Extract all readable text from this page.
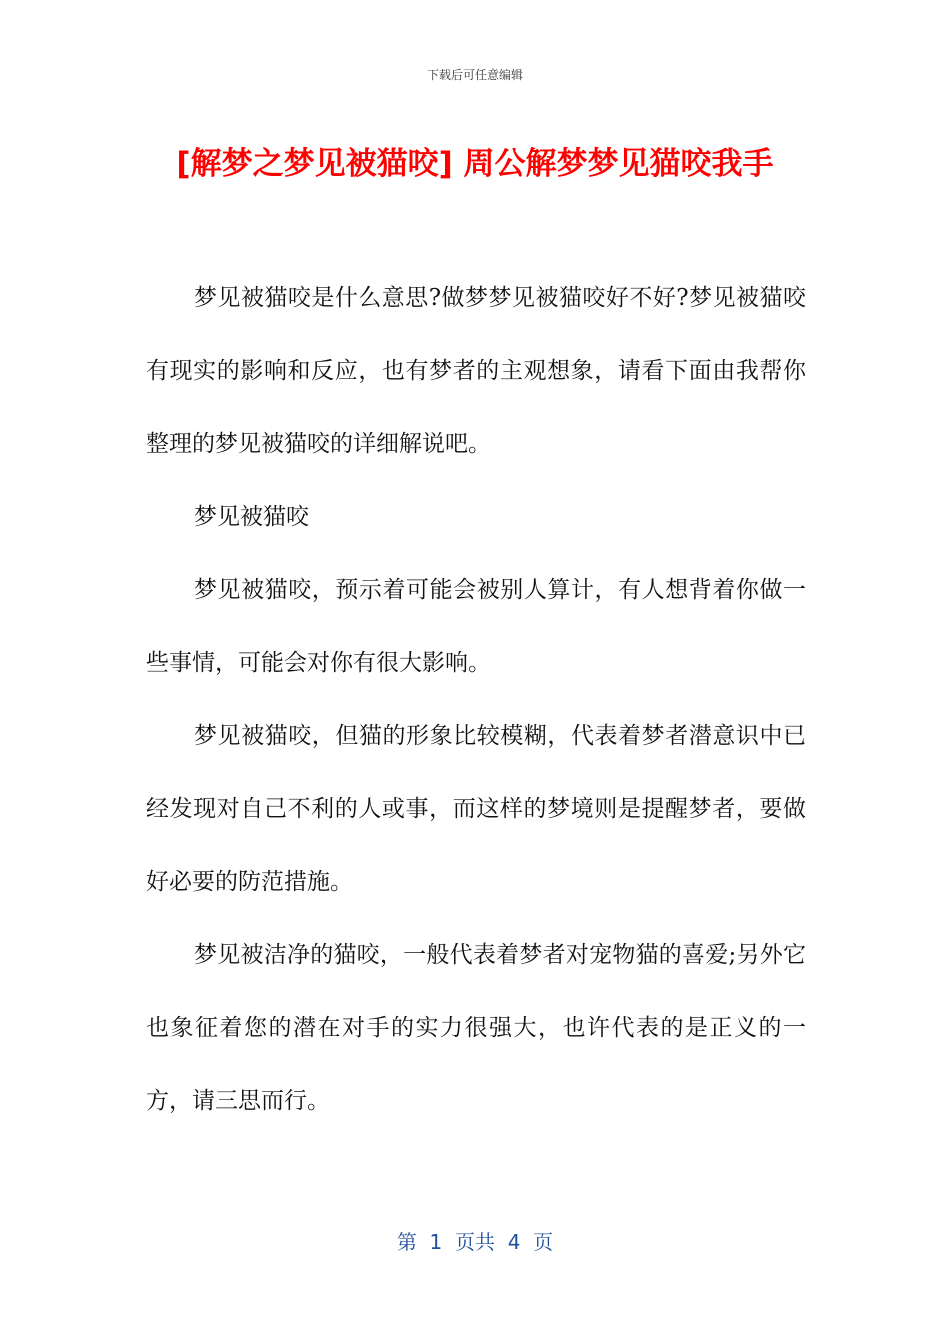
下载后可任意编辑
[解梦之梦见被猫咬] 周公解梦梦见猫咬我手

梦见被猫咬是什么意思?做梦梦见被猫咬好不好?梦见被猫咬有现实的影响和反应，也有梦者的主观想象，请看下面由我帮你整理的梦见被猫咬的详细解说吧。

梦见被猫咬

梦见被猫咬，预示着可能会被别人算计，有人想背着你做一些事情，可能会对你有很大影响。

梦见被猫咬，但猫的形象比较模糊，代表着梦者潜意识中已经发现对自己不利的人或事，而这样的梦境则是提醒梦者，要做好必要的防范措施。

梦见被洁净的猫咬，一般代表着梦者对宠物猫的喜爱;另外它也象征着您的潜在对手的实力很强大，也许代表的是正义的一方，请三思而行。

第  1  页共  4  页
